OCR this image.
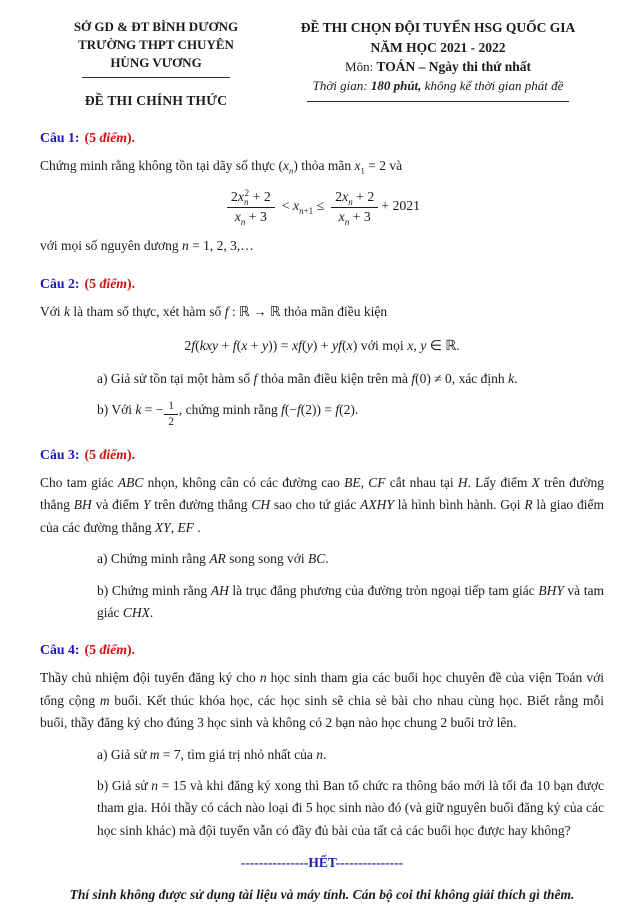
SỞ GD & ĐT BÌNH DƯƠNG
TRƯỜNG THPT CHUYÊN
HÙNG VƯƠNG
ĐỀ THI CHÍNH THỨC
ĐỀ THI CHỌN ĐỘI TUYỂN HSG QUỐC GIA
NĂM HỌC 2021 - 2022
Môn: TOÁN – Ngày thi thứ nhất
Thời gian: 180 phút, không kể thời gian phát đề
Câu 1: (5 điểm).

Chứng minh rằng không tồn tại dãy số thực $(x_n)$ thỏa mãn $x_1 = 2$ và

$\frac{2x_n^2 + 2}{x_n + 3} < x_{n+1} \le \frac{2x_n + 2}{x_n + 3} + 2021$

với mọi số nguyên dương n = 1, 2, 3,…

Câu 2: (5 điểm).

Với k là tham số thực, xét hàm số f : ℝ → ℝ thỏa mãn điều kiện

2f(kxy + f(x + y)) = xf(y) + yf(x) với mọi x, y ∈ ℝ.

a) Giả sử tồn tại một hàm số f thỏa mãn điều kiện trên mà f(0) ≠ 0, xác định k.

b) Với k = − $\frac{1}{2}$ , chứng minh rằng f(−f(2)) = f(2).

Câu 3: (5 điểm).

Cho tam giác ABC nhọn, không cân có các đường cao BE, CF cắt nhau tại H. Lấy điểm X trên đường thẳng BH và điểm Y trên đường thẳng CH sao cho tứ giác AXHY là hình bình hành. Gọi R là giao điểm của các đường thẳng XY, EF .

a) Chứng minh rằng AR song song với BC.

b) Chứng minh rằng AH là trục đẳng phương của đường tròn ngoại tiếp tam giác BHY và tam giác CHX.

Câu 4: (5 điểm).

Thầy chủ nhiệm đội tuyển đăng ký cho n học sinh tham gia các buổi học chuyên đề của viện Toán với tổng cộng m buổi. Kết thúc khóa học, các học sinh sẽ chia sẻ bài cho nhau cùng học. Biết rằng mỗi buổi, thầy đăng ký cho đúng 3 học sinh và không có 2 bạn nào học chung 2 buổi trở lên.

a) Giả sử m = 7, tìm giá trị nhỏ nhất của n.

b) Giả sử n = 15 và khi đăng ký xong thì Ban tổ chức ra thông báo mới là tối đa 10 bạn được tham gia. Hỏi thầy có cách nào loại đi 5 học sinh nào đó (và giữ nguyên buổi đăng ký của các học sinh khác) mà đội tuyển vẫn có đầy đủ bài của tất cả các buổi học được hay không?

---------------HẾT---------------
Thí sinh không được sử dụng tài liệu và máy tính. Cán bộ coi thi không giải thích gì thêm.
